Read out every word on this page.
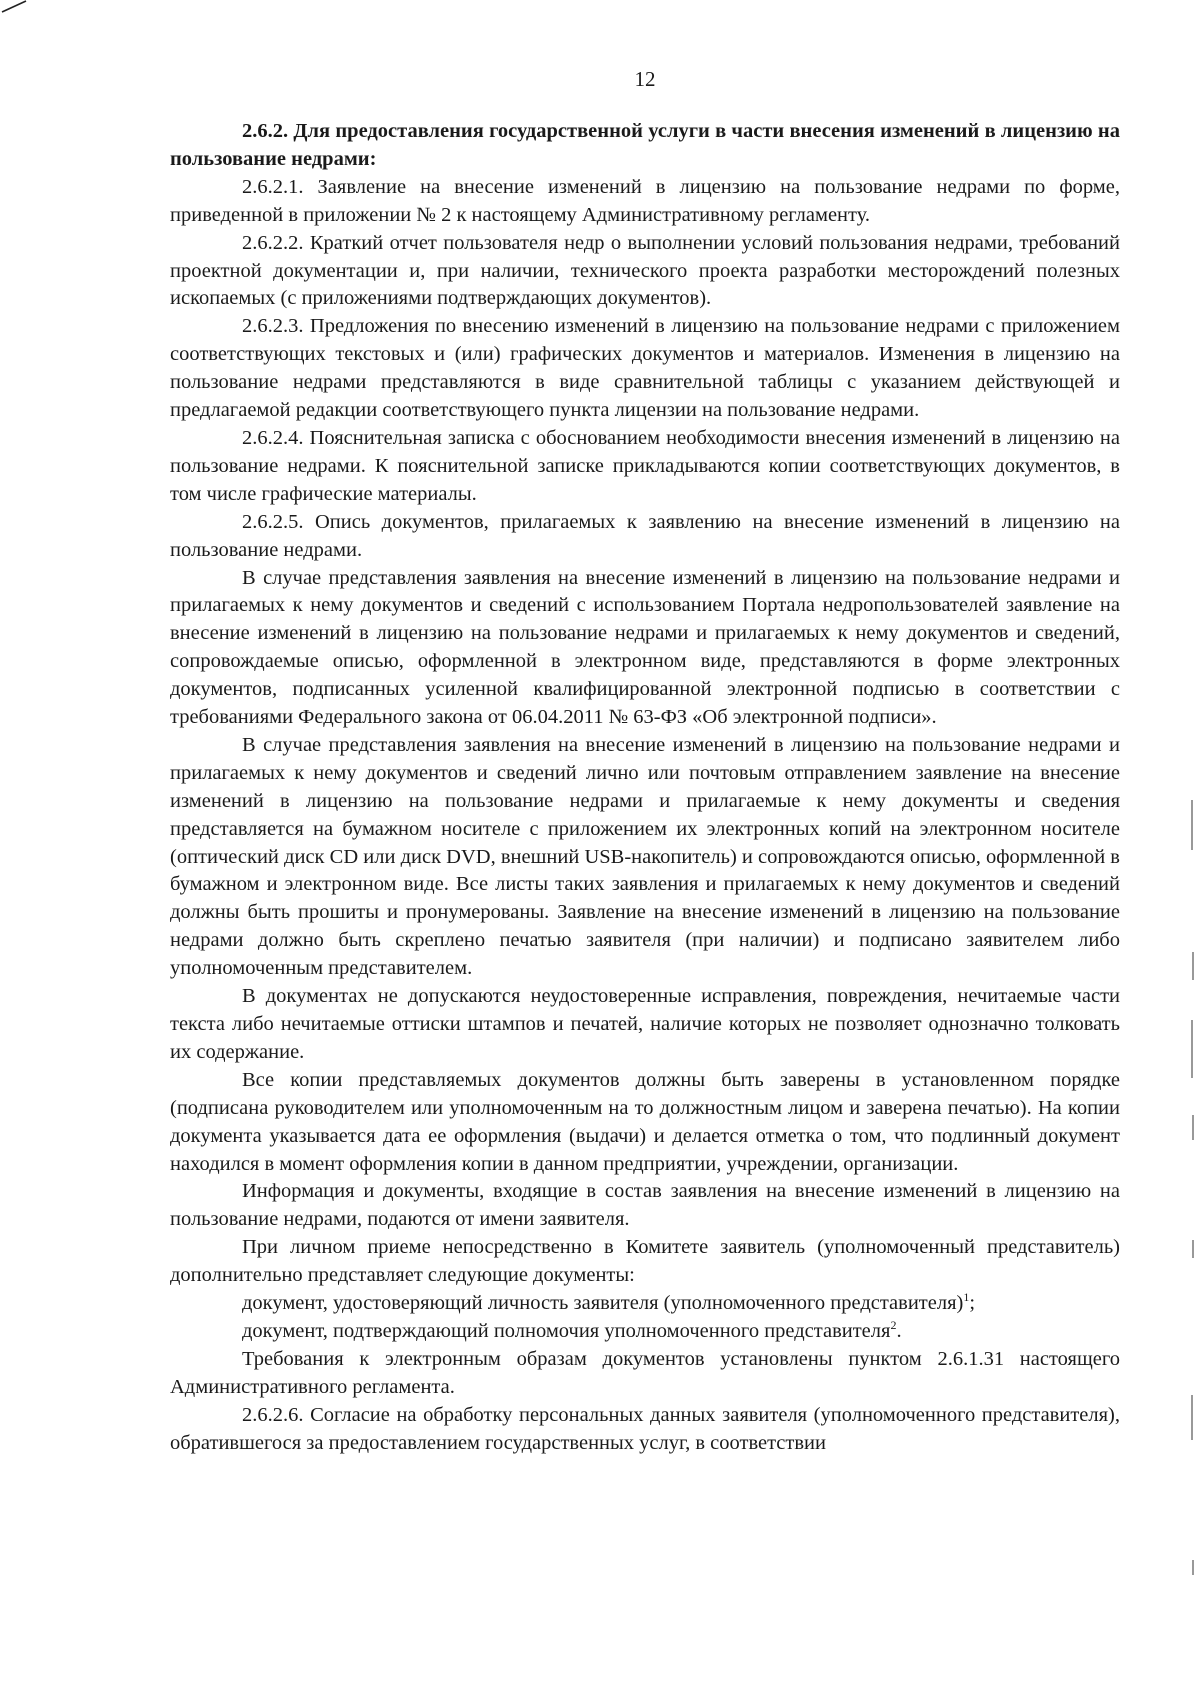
12

2.6.2. Для предоставления государственной услуги в части внесения изменений в лицензию на пользование недрами:

2.6.2.1. Заявление на внесение изменений в лицензию на пользование недрами по форме, приведенной в приложении № 2 к настоящему Административному регламенту.

2.6.2.2. Краткий отчет пользователя недр о выполнении условий пользования недрами, требований проектной документации и, при наличии, технического проекта разработки месторождений полезных ископаемых (с приложениями подтверждающих документов).

2.6.2.3. Предложения по внесению изменений в лицензию на пользование недрами с приложением соответствующих текстовых и (или) графических документов и материалов. Изменения в лицензию на пользование недрами представляются в виде сравнительной таблицы с указанием действующей и предлагаемой редакции соответствующего пункта лицензии на пользование недрами.

2.6.2.4. Пояснительная записка с обоснованием необходимости внесения изменений в лицензию на пользование недрами. К пояснительной записке прикладываются копии соответствующих документов, в том числе графические материалы.

2.6.2.5. Опись документов, прилагаемых к заявлению на внесение изменений в лицензию на пользование недрами.

В случае представления заявления на внесение изменений в лицензию на пользование недрами и прилагаемых к нему документов и сведений с использованием Портала недропользователей заявление на внесение изменений в лицензию на пользование недрами и прилагаемых к нему документов и сведений, сопровождаемые описью, оформленной в электронном виде, представляются в форме электронных документов, подписанных усиленной квалифицированной электронной подписью в соответствии с требованиями Федерального закона от 06.04.2011 № 63-ФЗ «Об электронной подписи».

В случае представления заявления на внесение изменений в лицензию на пользование недрами и прилагаемых к нему документов и сведений лично или почтовым отправлением заявление на внесение изменений в лицензию на пользование недрами и прилагаемые к нему документы и сведения представляется на бумажном носителе с приложением их электронных копий на электронном носителе (оптический диск CD или диск DVD, внешний USB-накопитель) и сопровождаются описью, оформленной в бумажном и электронном виде. Все листы таких заявления и прилагаемых к нему документов и сведений должны быть прошиты и пронумерованы. Заявление на внесение изменений в лицензию на пользование недрами должно быть скреплено печатью заявителя (при наличии) и подписано заявителем либо уполномоченным представителем.

В документах не допускаются неудостоверенные исправления, повреждения, нечитаемые части текста либо нечитаемые оттиски штампов и печатей, наличие которых не позволяет однозначно толковать их содержание.

Все копии представляемых документов должны быть заверены в установленном порядке (подписана руководителем или уполномоченным на то должностным лицом и заверена печатью). На копии документа указывается дата ее оформления (выдачи) и делается отметка о том, что подлинный документ находился в момент оформления копии в данном предприятии, учреждении, организации.

Информация и документы, входящие в состав заявления на внесение изменений в лицензию на пользование недрами, подаются от имени заявителя.

При личном приеме непосредственно в Комитете заявитель (уполномоченный представитель) дополнительно представляет следующие документы:

документ, удостоверяющий личность заявителя (уполномоченного представителя)$^1$;

документ, подтверждающий полномочия уполномоченного представителя$^2$.

Требования к электронным образам документов установлены пунктом 2.6.1.31 настоящего Административного регламента.

2.6.2.6. Согласие на обработку персональных данных заявителя (уполномоченного представителя), обратившегося за предоставлением государственных услуг, в соответствии
